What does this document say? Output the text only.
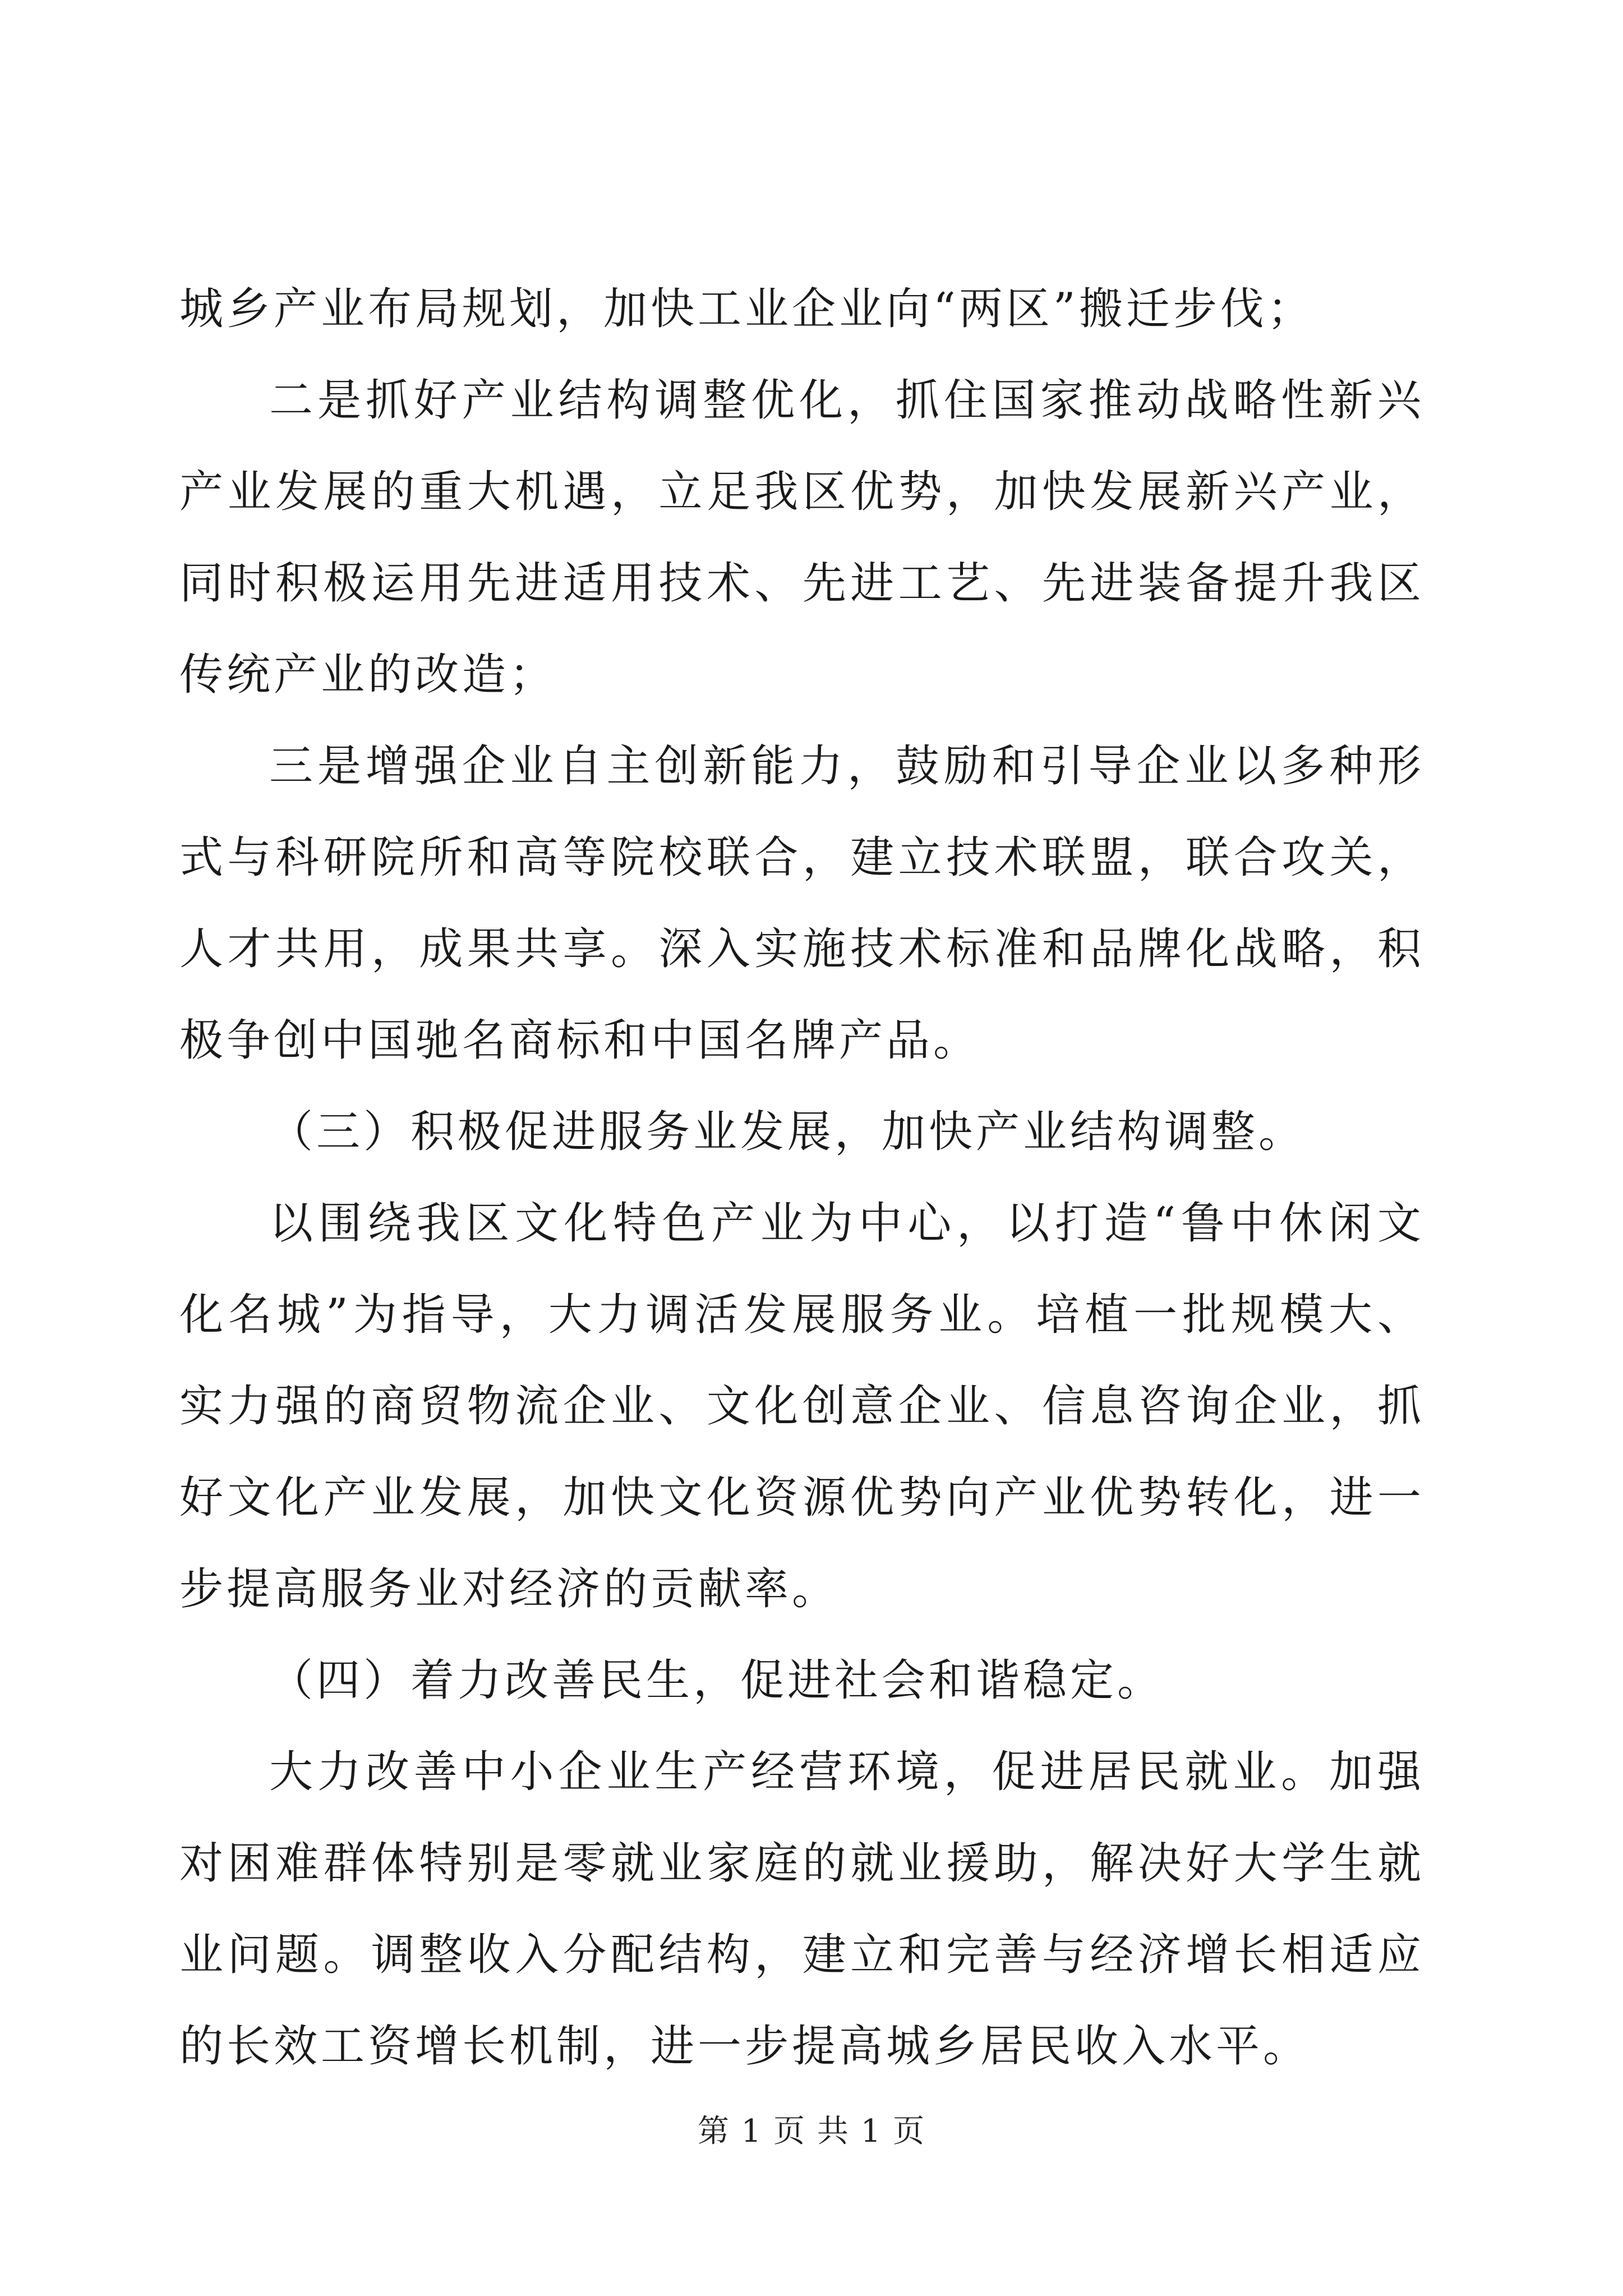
城乡产业布局规划，加快工业企业向“两区”搬迁步伐；

二是抓好产业结构调整优化，抓住国家推动战略性新兴产业发展的重大机遇，立足我区优势，加快发展新兴产业，同时积极运用先进适用技术、先进工艺、先进装备提升我区传统产业的改造；

三是增强企业自主创新能力，鼓励和引导企业以多种形式与科研院所和高等院校联合，建立技术联盟，联合攻关，人才共用，成果共享。深入实施技术标准和品牌化战略，积极争创中国驰名商标和中国名牌产品。

（三）积极促进服务业发展，加快产业结构调整。

以围绕我区文化特色产业为中心，以打造“鲁中休闲文化名城”为指导，大力调活发展服务业。培植一批规模大、实力强的商贸物流企业、文化创意企业、信息咨询企业，抓好文化产业发展，加快文化资源优势向产业优势转化，进一步提高服务业对经济的贡献率。

（四）着力改善民生，促进社会和谐稳定。

大力改善中小企业生产经营环境，促进居民就业。加强对困难群体特别是零就业家庭的就业援助，解决好大学生就业问题。调整收入分配结构，建立和完善与经济增长相适应的长效工资增长机制，进一步提高城乡居民收入水平。

第 1 页 共 1 页
